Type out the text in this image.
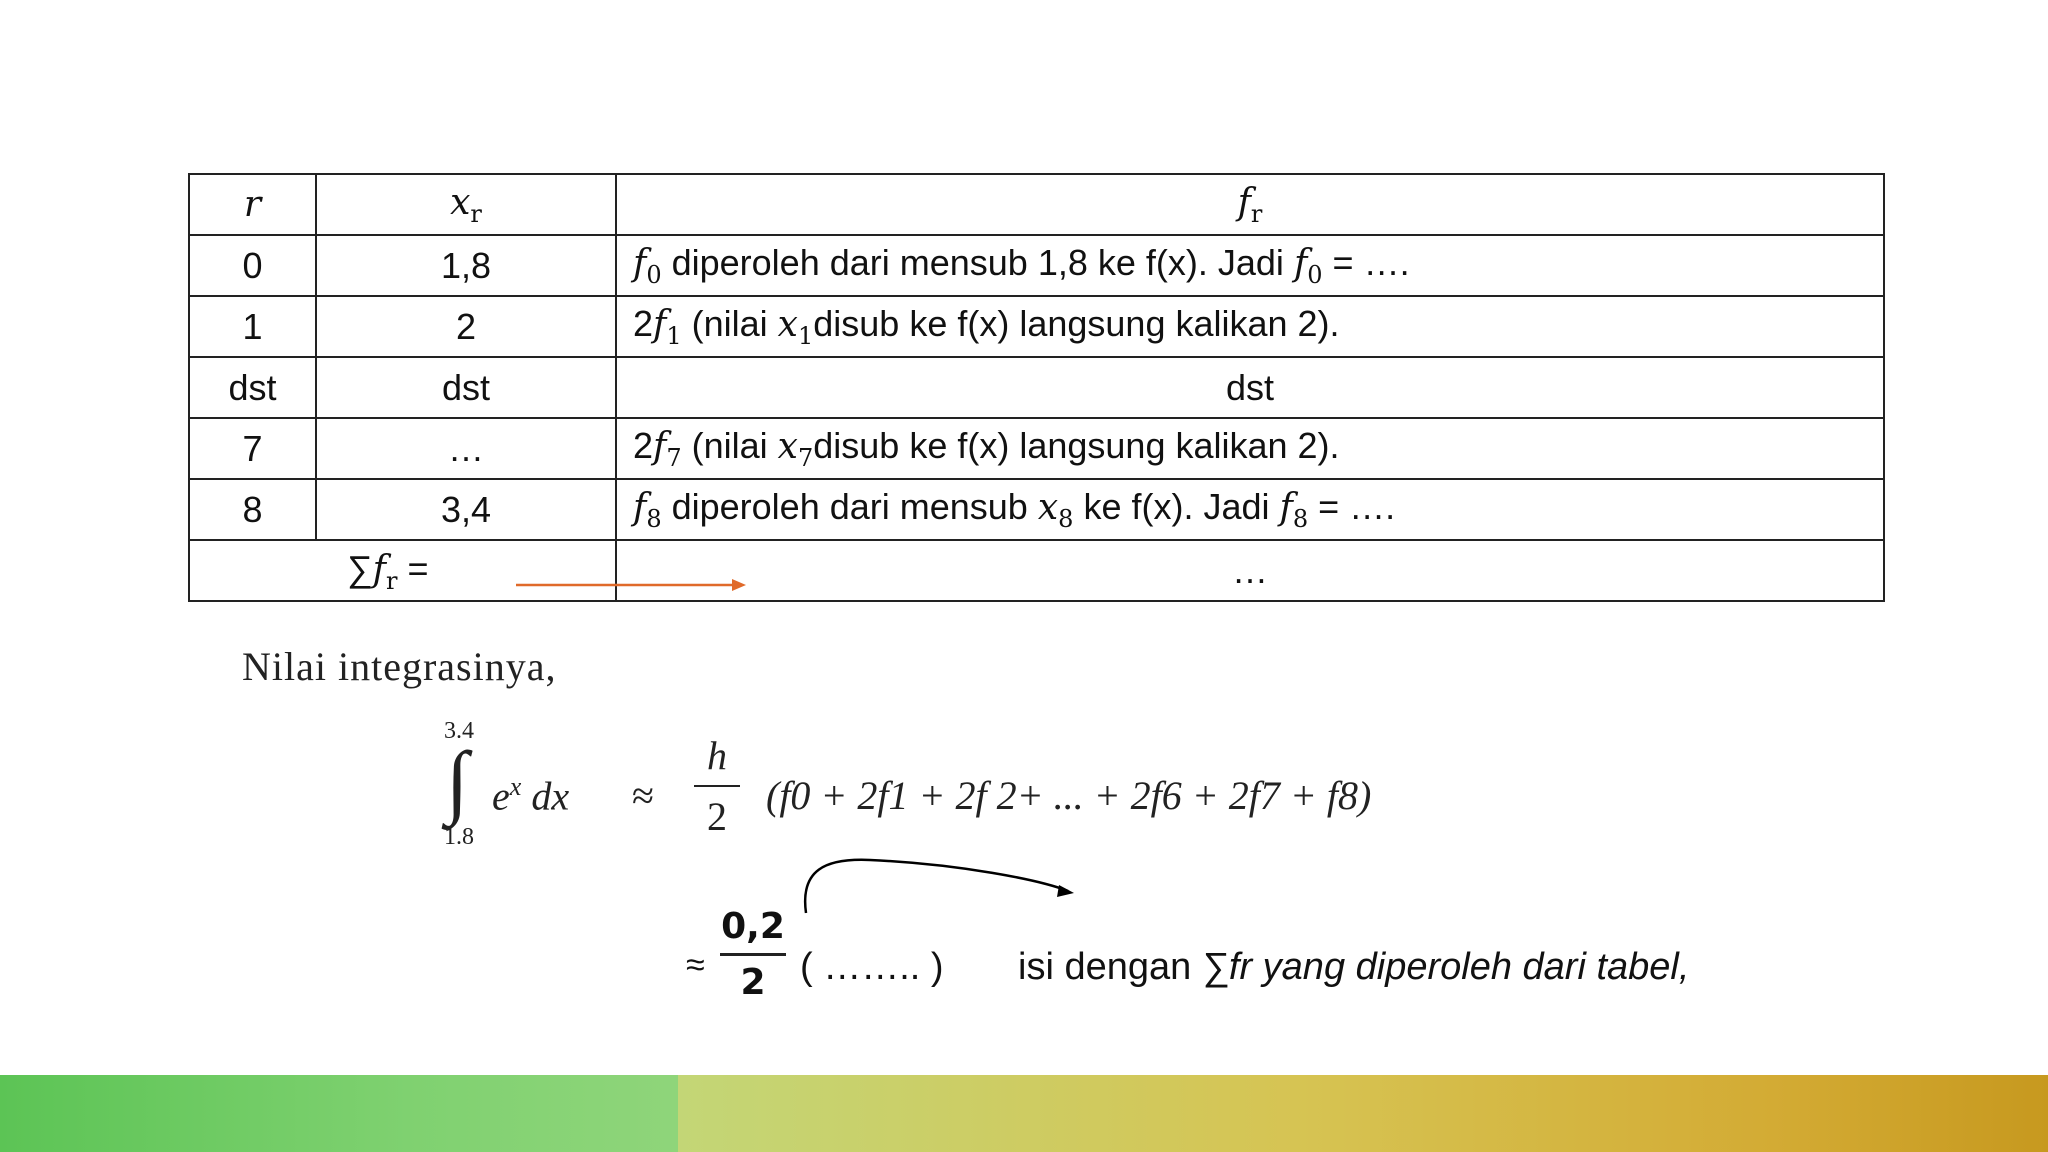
r	$x_r$	$f_r$
0	1,8	$f_0$ diperoleh dari mensub 1,8 ke f(x). Jadi $f_0$ = ….
1	2	$2f_1$ (nilai $x_1disub$ ke f(x) langsung kalikan 2).
dst	dst	dst
7	…	$2f_7$ (nilai $x_7disub$ ke f(x) langsung kalikan 2).
8	3,4	$f_8$ diperoleh dari mensub $x_8$ ke f(x). Jadi $f_8$ = ….

$\sum f_r$ =		…
Nilai integrasinya,
3.4
∫
1.8
$e^x$ dx ≈ $\frac{h}{2} (f0 + 2f1 + 2f$ 2+ ... + 2f6 + 2f7 + f8)
≈ $\frac{0,2}{2}$ ( …….. ) isi dengan ∑fr yang diperoleh dari tabel,
